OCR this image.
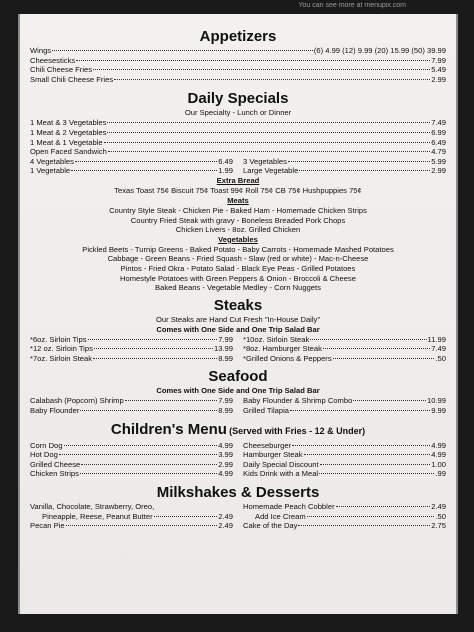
You can see more at menupix.com
Appetizers
Wings	(6) 4.99 (12) 9.99 (20) 15.99 (50) 39.99
Cheesesticks	7.99
Chili Cheese Fries	5.49
Small Chili Cheese Fries	2.99
Daily Specials
Our Specialty - Lunch or Dinner
1 Meat & 3 Vegetables	7.49
1 Meat & 2 Vegetables	6.99
1 Meat & 1 Vegetable	6.49
Open Faced Sandwich	4.79
4 Vegetables	6.49
1 Vegetable	1.99
3 Vegetables	5.99
Large Vegetable	2.99
Extra Bread
Texas Toast 75¢ Biscuit 75¢ Toast 99¢ Roll 75¢ CB 75¢ Hushpuppies 75¢
Meats
Country Style Steak - Chicken Pie - Baked Ham - Homemade Chicken Strips
Country Fried Steak with gravy - Boneless Breaded Pork Chops
Chicken Livers - 8oz. Grilled Chicken
Vegetables
Pickled Beets - Turnip Greens - Baked Potato - Baby Carrots - Homemade Mashed Potatoes
Cabbage - Green Beans - Fried Squash - Slaw (red or white) - Mac-n-Cheese
Pintos - Fried Okra - Potato Salad - Black Eye Peas - Grilled Potatoes
Homestyle Potatoes with Green Peppers & Onion - Broccoli & Cheese
Baked Beans - Vegetable Medley - Corn Nuggets
Steaks
Our Steaks are Hand Cut Fresh "In-House Daily"
Comes with One Side and One Trip Salad Bar
*6oz. Sirloin Tips	7.99
*12 oz. Sirloin Tips	13.99
*7oz. Sirloin Steak	8.99
*10oz. Sirloin Steak	11.99
*8oz. Hamburger Steak	7.49
*Grilled Onions & Peppers	.50
Seafood
Comes with One Side and One Trip Salad Bar
Calabash (Popcorn) Shrimp	7.99
Baby Flounder	8.99
Baby Flounder & Shrimp Combo	10.99
Grilled Tilapia	9.99
Children's Menu (Served with Fries - 12 & Under)
Corn Dog	4.99
Hot Dog	3.99
Grilled Cheese	2.99
Chicken Strips	4.99
Cheeseburger	4.99
Hamburger Steak	4.99
Daily Special Discount	1.00
Kids Drink with a Meal	.99
Milkshakes & Desserts
Vanilla, Chocolate, Strawberry, Oreo,
Pineapple, Reese, Peanut Butter	2.49
Pecan Pie	2.49
Homemade Peach Cobbler	2.49
Add Ice Cream	.50
Cake of the Day	2.75
